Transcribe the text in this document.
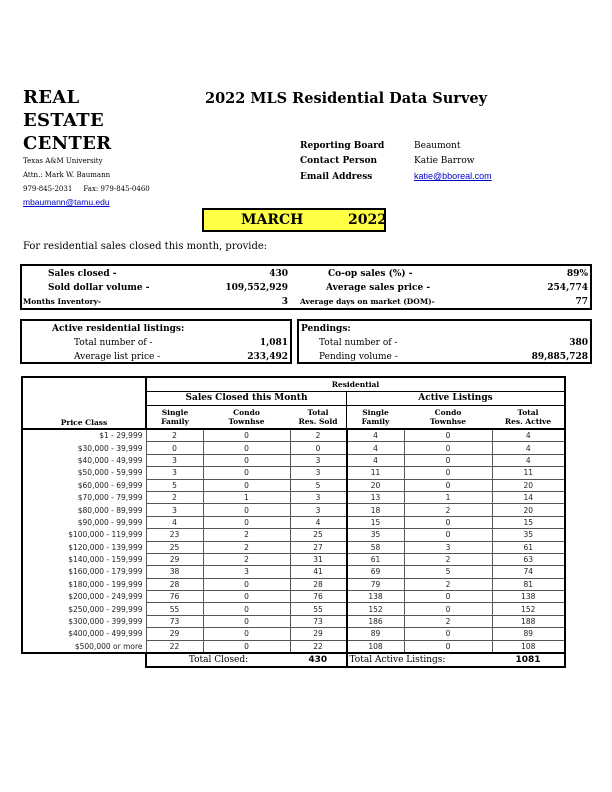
REAL
ESTATE
CENTER
Texas A&M University
Attn.: Mark W. Baumann
979-845-2031     Fax: 979-845-0460
mbaumann@tamu.edu
2022 MLS Residential Data Survey
Reporting Board	Beaumont
Contact Person	Katie Barrow
Email Address	katie@bboreal.com
MARCH	2022
For residential sales closed this month, provide:
Sales closed -	430	Co-op sales (%) -	89%
Sold dollar volume -	109,552,929	Average sales price -	254,774
Months Inventory-	3 Average days on market (DOM)-	77
Active residential listings:
Total number of -	1,081
Average list price -	233,492
Pendings:
Total number of -	380
Pending volume -	89,885,728
Price Class	Residential					
	Sales Closed this Month			Active Listings		

Single
Family

Condo
Townhse

Total
Res. Sold

Single
Family

Condo
Townhse

Total
Res. Active

$1 - 29,999	2	0	2	4	0	4
$30,000 - 39,999	0	0	0	4	0	4
$40,000 - 49,999	3	0	3	4	0	4
$50,000 - 59,999	3	0	3	11	0	11
$60,000 - 69,999	5	0	5	20	0	20
$70,000 - 79,999	2	1	3	13	1	14
$80,000 - 89,999	3	0	3	18	2	20
$90,000 - 99,999	4	0	4	15	0	15
$100,000 - 119,999	23	2	25	35	0	35
$120,000 - 139,999	25	2	27	58	3	61
$140,000 - 159,999	29	2	31	61	2	63
$160,000 - 179,999	38	3	41	69	5	74
$180,000 - 199,999	28	0	28	79	2	81
$200,000 - 249,999	76	0	76	138	0	138
$250,000 - 299,999	55	0	55	152	0	152
$300,000 - 399,999	73	0	73	186	2	188
$400,000 - 499,999	29	0	29	89	0	89
$500,000 or more	22	0	22	108	0	108
	Total Closed:		430	Total Active Listings:		1081
